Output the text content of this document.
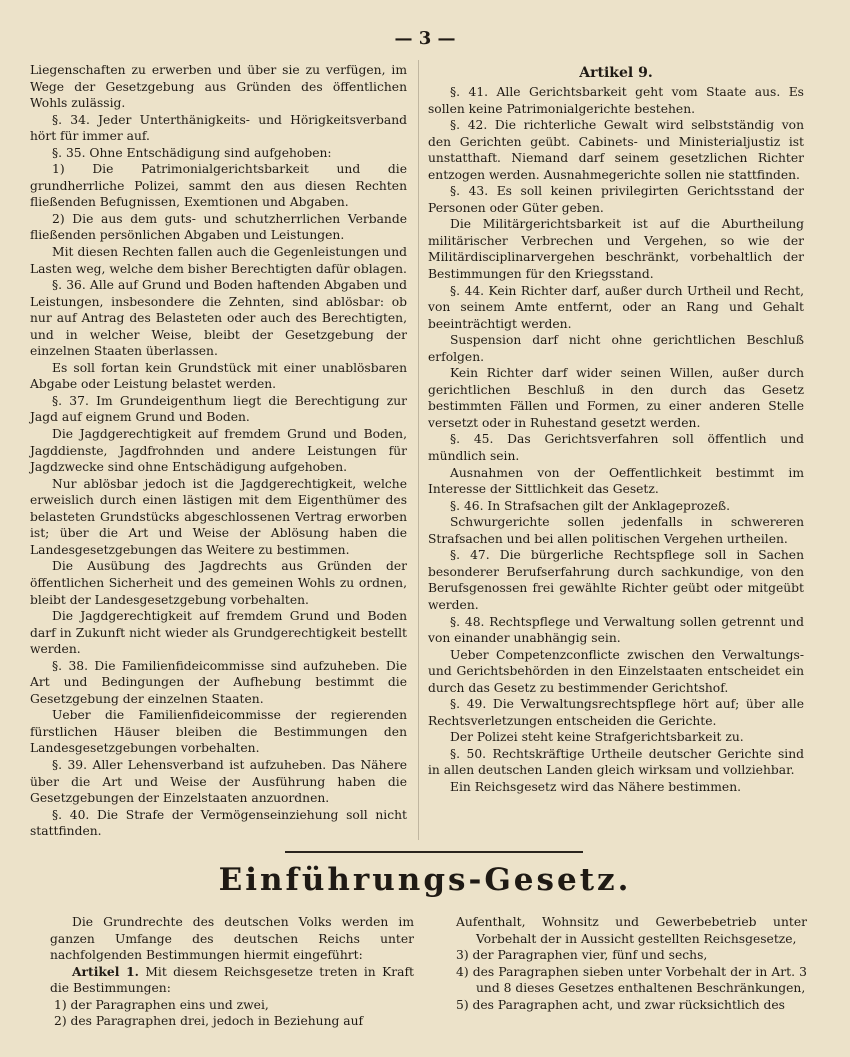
— 3 —

Liegenschaften zu erwerben und über sie zu verfügen, im Wege der Gesetzgebung aus Gründen des öffentlichen Wohls zulässig.

§. 34. Jeder Unterthänigkeits- und Hörigkeitsverband hört für immer auf.

§. 35. Ohne Entschädigung sind aufgehoben:

1) Die Patrimonialgerichtsbarkeit und die grundherrliche Polizei, sammt den aus diesen Rechten fließenden Befugnissen, Exemtionen und Abgaben.

2) Die aus dem guts- und schutzherrlichen Verbande fließenden persönlichen Abgaben und Leistungen.

Mit diesen Rechten fallen auch die Gegenleistungen und Lasten weg, welche dem bisher Berechtigten dafür oblagen.

§. 36. Alle auf Grund und Boden haftenden Abgaben und Leistungen, insbesondere die Zehnten, sind ablösbar: ob nur auf Antrag des Belasteten oder auch des Berechtigten, und in welcher Weise, bleibt der Gesetzgebung der einzelnen Staaten überlassen.

Es soll fortan kein Grundstück mit einer unablösbaren Abgabe oder Leistung belastet werden.

§. 37. Im Grundeigenthum liegt die Berechtigung zur Jagd auf eignem Grund und Boden.

Die Jagdgerechtigkeit auf fremdem Grund und Boden, Jagddienste, Jagdfrohnden und andere Leistungen für Jagdzwecke sind ohne Entschädigung aufgehoben.

Nur ablösbar jedoch ist die Jagdgerechtigkeit, welche erweislich durch einen lästigen mit dem Eigenthümer des belasteten Grundstücks abgeschlossenen Vertrag erworben ist; über die Art und Weise der Ablösung haben die Landesgesetzgebungen das Weitere zu bestimmen.

Die Ausübung des Jagdrechts aus Gründen der öffentlichen Sicherheit und des gemeinen Wohls zu ordnen, bleibt der Landesgesetzgebung vorbehalten.

Die Jagdgerechtigkeit auf fremdem Grund und Boden darf in Zukunft nicht wieder als Grundgerechtigkeit bestellt werden.

§. 38. Die Familienfideicommisse sind aufzuheben. Die Art und Bedingungen der Aufhebung bestimmt die Gesetzgebung der einzelnen Staaten.

Ueber die Familienfideicommisse der regierenden fürstlichen Häuser bleiben die Bestimmungen den Landesgesetzgebungen vorbehalten.

§. 39. Aller Lehensverband ist aufzuheben. Das Nähere über die Art und Weise der Ausführung haben die Gesetzgebungen der Einzelstaaten anzuordnen.

§. 40. Die Strafe der Vermögenseinziehung soll nicht stattfinden.

Artikel 9.

§. 41. Alle Gerichtsbarkeit geht vom Staate aus. Es sollen keine Patrimonialgerichte bestehen.

§. 42. Die richterliche Gewalt wird selbstständig von den Gerichten geübt. Cabinets- und Ministerialjustiz ist unstatthaft. Niemand darf seinem gesetzlichen Richter entzogen werden. Ausnahmegerichte sollen nie stattfinden.

§. 43. Es soll keinen privilegirten Gerichtsstand der Personen oder Güter geben.

Die Militärgerichtsbarkeit ist auf die Aburtheilung militärischer Verbrechen und Vergehen, so wie der Militärdisciplinarvergehen beschränkt, vorbehaltlich der Bestimmungen für den Kriegsstand.

§. 44. Kein Richter darf, außer durch Urtheil und Recht, von seinem Amte entfernt, oder an Rang und Gehalt beeinträchtigt werden.

Suspension darf nicht ohne gerichtlichen Beschluß erfolgen.

Kein Richter darf wider seinen Willen, außer durch gerichtlichen Beschluß in den durch das Gesetz bestimmten Fällen und Formen, zu einer anderen Stelle versetzt oder in Ruhestand gesetzt werden.

§. 45. Das Gerichtsverfahren soll öffentlich und mündlich sein.

Ausnahmen von der Oeffentlichkeit bestimmt im Interesse der Sittlichkeit das Gesetz.

§. 46. In Strafsachen gilt der Anklageprozeß.

Schwurgerichte sollen jedenfalls in schwereren Strafsachen und bei allen politischen Vergehen urtheilen.

§. 47. Die bürgerliche Rechtspflege soll in Sachen besonderer Berufserfahrung durch sachkundige, von den Berufsgenossen frei gewählte Richter geübt oder mitgeübt werden.

§. 48. Rechtspflege und Verwaltung sollen getrennt und von einander unabhängig sein.

Ueber Competenzconflicte zwischen den Verwaltungs- und Gerichtsbehörden in den Einzelstaaten entscheidet ein durch das Gesetz zu bestimmender Gerichtshof.

§. 49. Die Verwaltungsrechtspflege hört auf; über alle Rechtsverletzungen entscheiden die Gerichte.

Der Polizei steht keine Strafgerichtsbarkeit zu.

§. 50. Rechtskräftige Urtheile deutscher Gerichte sind in allen deutschen Landen gleich wirksam und vollziehbar.

Ein Reichsgesetz wird das Nähere bestimmen.

Einführungs-Gesetz.

Die Grundrechte des deutschen Volks werden im ganzen Umfange des deutschen Reichs unter nachfolgenden Bestimmungen hiermit eingeführt:

Artikel 1. Mit diesem Reichsgesetze treten in Kraft die Bestimmungen:

1) der Paragraphen eins und zwei,

2) des Paragraphen drei, jedoch in Beziehung auf

Aufenthalt, Wohnsitz und Gewerbebetrieb unter Vorbehalt der in Aussicht gestellten Reichsgesetze,

3) der Paragraphen vier, fünf und sechs,

4) des Paragraphen sieben unter Vorbehalt der in Art. 3 und 8 dieses Gesetzes enthaltenen Beschränkungen,

5) des Paragraphen acht, und zwar rücksichtlich des
